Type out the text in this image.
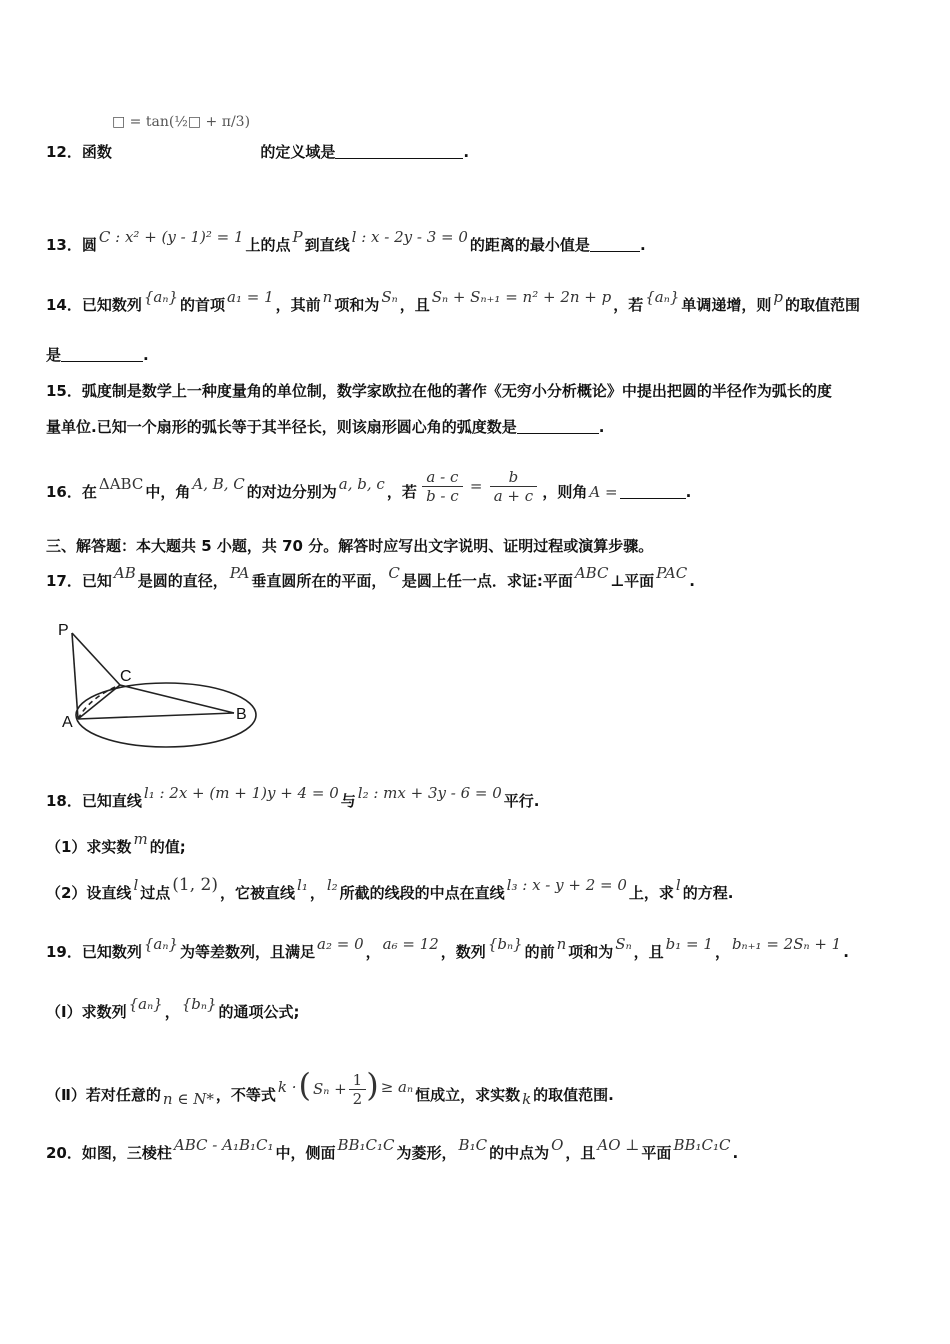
□ = tan(½□ + π/3)
12．函数	的定义域是	.
13．圆 C : x² + (y - 1)² = 1 上的点 P 到直线 l : x - 2y - 3 = 0 的距离的最小值是	.
14．已知数列 {aₙ} 的首项 a₁ = 1 ，其前 n 项和为 Sₙ ，且 Sₙ + Sₙ₊₁ = n² + 2n + p ，若 {aₙ} 单调递增，则 p 的取值范围
是	.
15．弧度制是数学上一种度量角的单位制，数学家欧拉在他的著作《无穷小分析概论》中提出把圆的半径作为弧长的度
量单位.已知一个扇形的弧长等于其半径长，则该扇形圆心角的弧度数是	.
16．在 ΔABC 中，角 A, B, C 的对边分别为 a, b, c ，若 $\frac{a - c}{b - c} = \frac{b}{a + c}$ ，则角 A =	.
三、解答题：本大题共 5 小题，共 70 分。解答时应写出文字说明、证明过程或演算步骤。
17．已知 AB 是圆的直径， PA 垂直圆所在的平面， C 是圆上任一点．求证:平面 ABC ⊥平面 PAC .
P
C
A	B
18．已知直线 l₁ : 2x + (m + 1)y + 4 = 0 与 l₂ : mx + 3y - 6 = 0 平行.
（1）求实数 m 的值;
（2）设直线 l 过点 (1, 2) ，它被直线 l₁ ， l₂ 所截的线段的中点在直线 l₃ : x - y + 2 = 0 上，求 l 的方程.
19．已知数列 {aₙ} 为等差数列，且满足 a₂ = 0 ， a₆ = 12 ，数列 {bₙ} 的前 n 项和为 Sₙ ，且 b₁ = 1 ， bₙ₊₁ = 2Sₙ + 1 .
（Ⅰ）求数列 {aₙ} ， {bₙ} 的通项公式;
（Ⅱ）若对任意的 n ∈ N* ，不等式 k ·( $S_n + \frac{1}{2}$ ) ≥ aₙ 恒成立，求实数 k 的取值范围.
20．如图，三棱柱 ABC - A₁B₁C₁ 中，侧面 BB₁C₁C 为菱形， B₁C 的中点为 O ，且 AO ⊥ 平面 BB₁C₁C .
